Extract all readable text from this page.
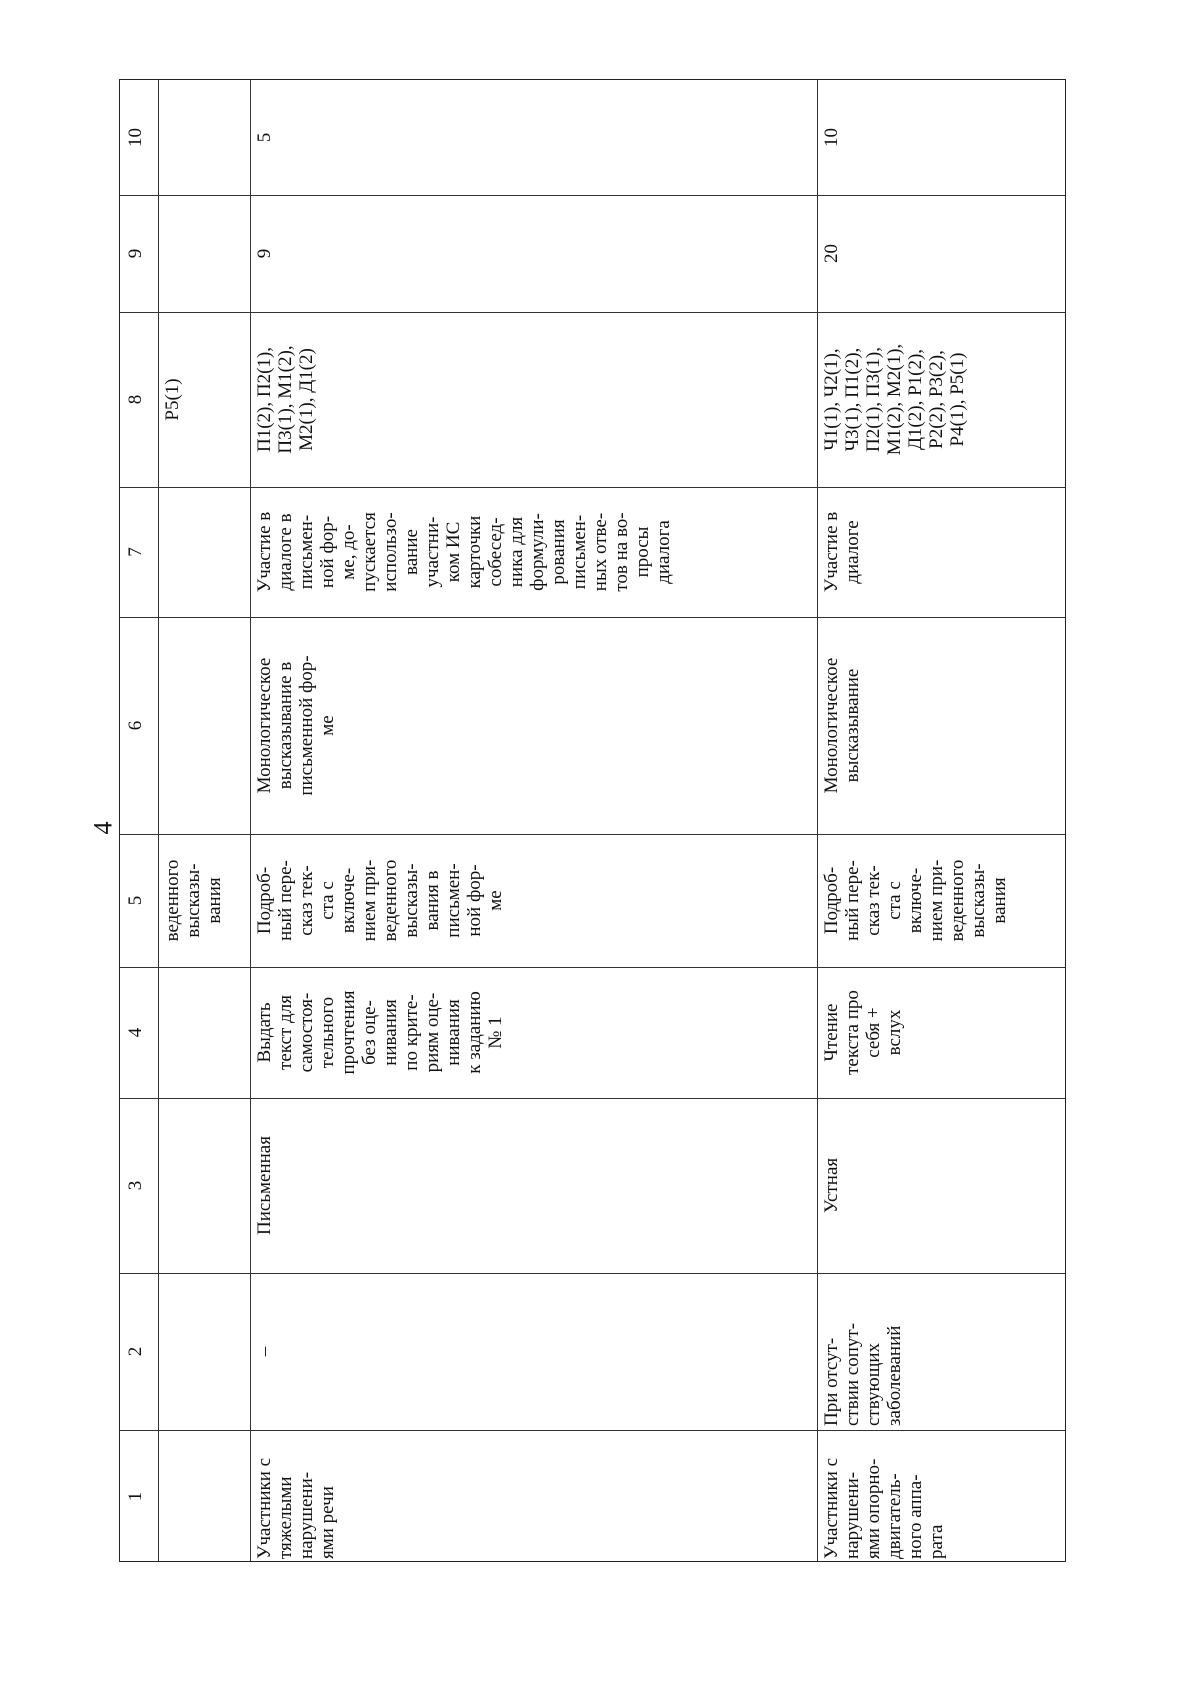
4
1
2
3
4
5
6
7
8
9
10
веденного высказы- вания
Р5(1)
Участники с тяжелыми нарушени- ями речи
–
Письменная
Выдать текст для самостоя- тельного прочтения без оце- нивания по крите- риям оце- нивания к заданию № 1
Подроб- ный пере- сказ тек- ста с включе- нием при- веденного высказы- вания в письмен- ной фор- ме
Монологическое высказывание в письменной фор- ме
Участие в диалоге в письмен- ной фор- ме, до- пускается использо- вание участни- ком ИС карточки собесед- ника для формули- рования письмен- ных отве- тов на во- просы диалога
П1(2), П2(1), П3(1), М1(2), М2(1), Д1(2)
9
5
Участники с нарушени- ями опорно- двигатель- ного аппа- рата
При отсут- ствии сопут- ствующих заболеваний
Устная
Чтение текста про себя + вслух
Подроб- ный пере- сказ тек- ста с включе- нием при- веденного высказы- вания
Монологическое высказывание
Участие в диалоге
Ч1(1), Ч2(1), Ч3(1), П1(2), П2(1), П3(1), М1(2), М2(1), Д1(2), Р1(2), Р2(2), Р3(2), Р4(1), Р5(1)
20
10
